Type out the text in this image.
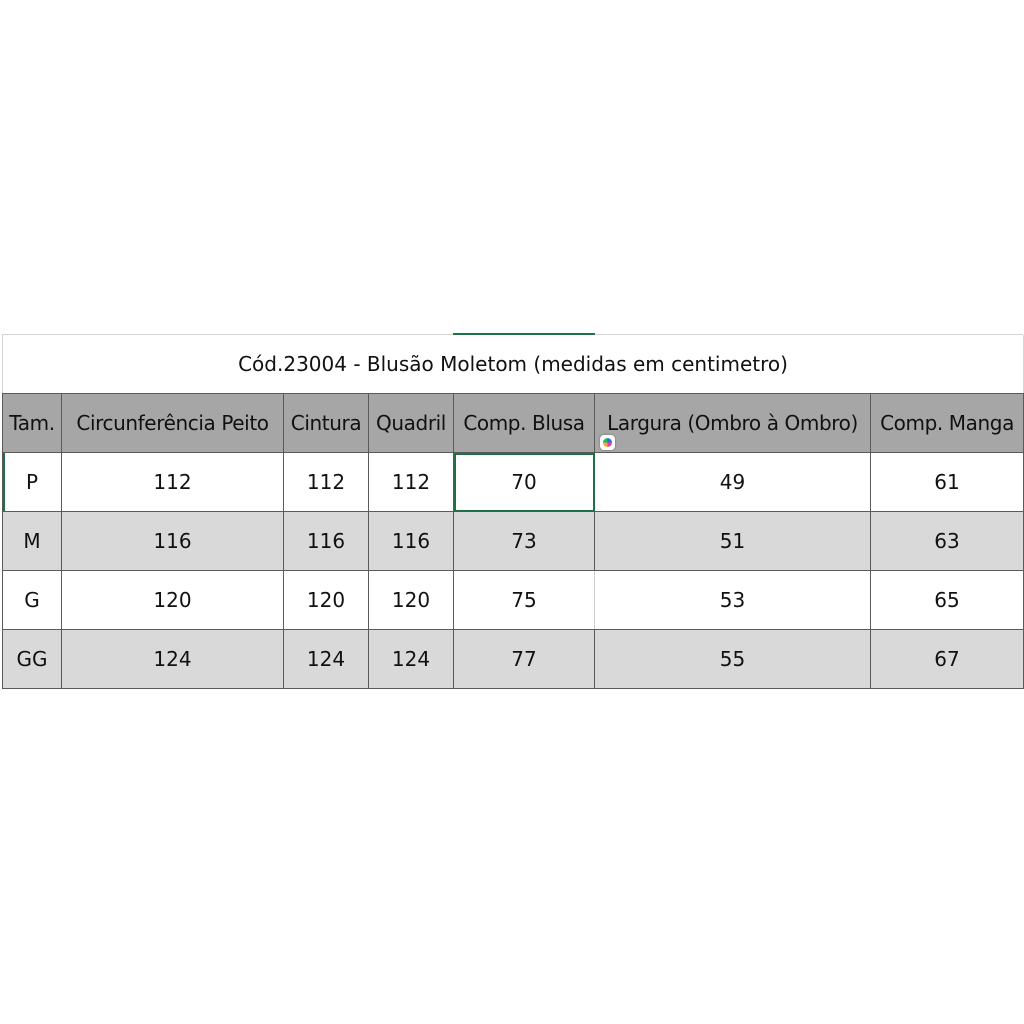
Cód.23004 - Blusão Moletom (medidas em centimetro)						
Tam.	Circunferência Peito	Cintura	Quadril	Comp. Blusa	Largura (Ombro à Ombro)	Comp. Manga
P	112	112	112	70	49	61
M	116	116	116	73	51	63
G	120	120	120	75	53	65
GG	124	124	124	77	55	67
